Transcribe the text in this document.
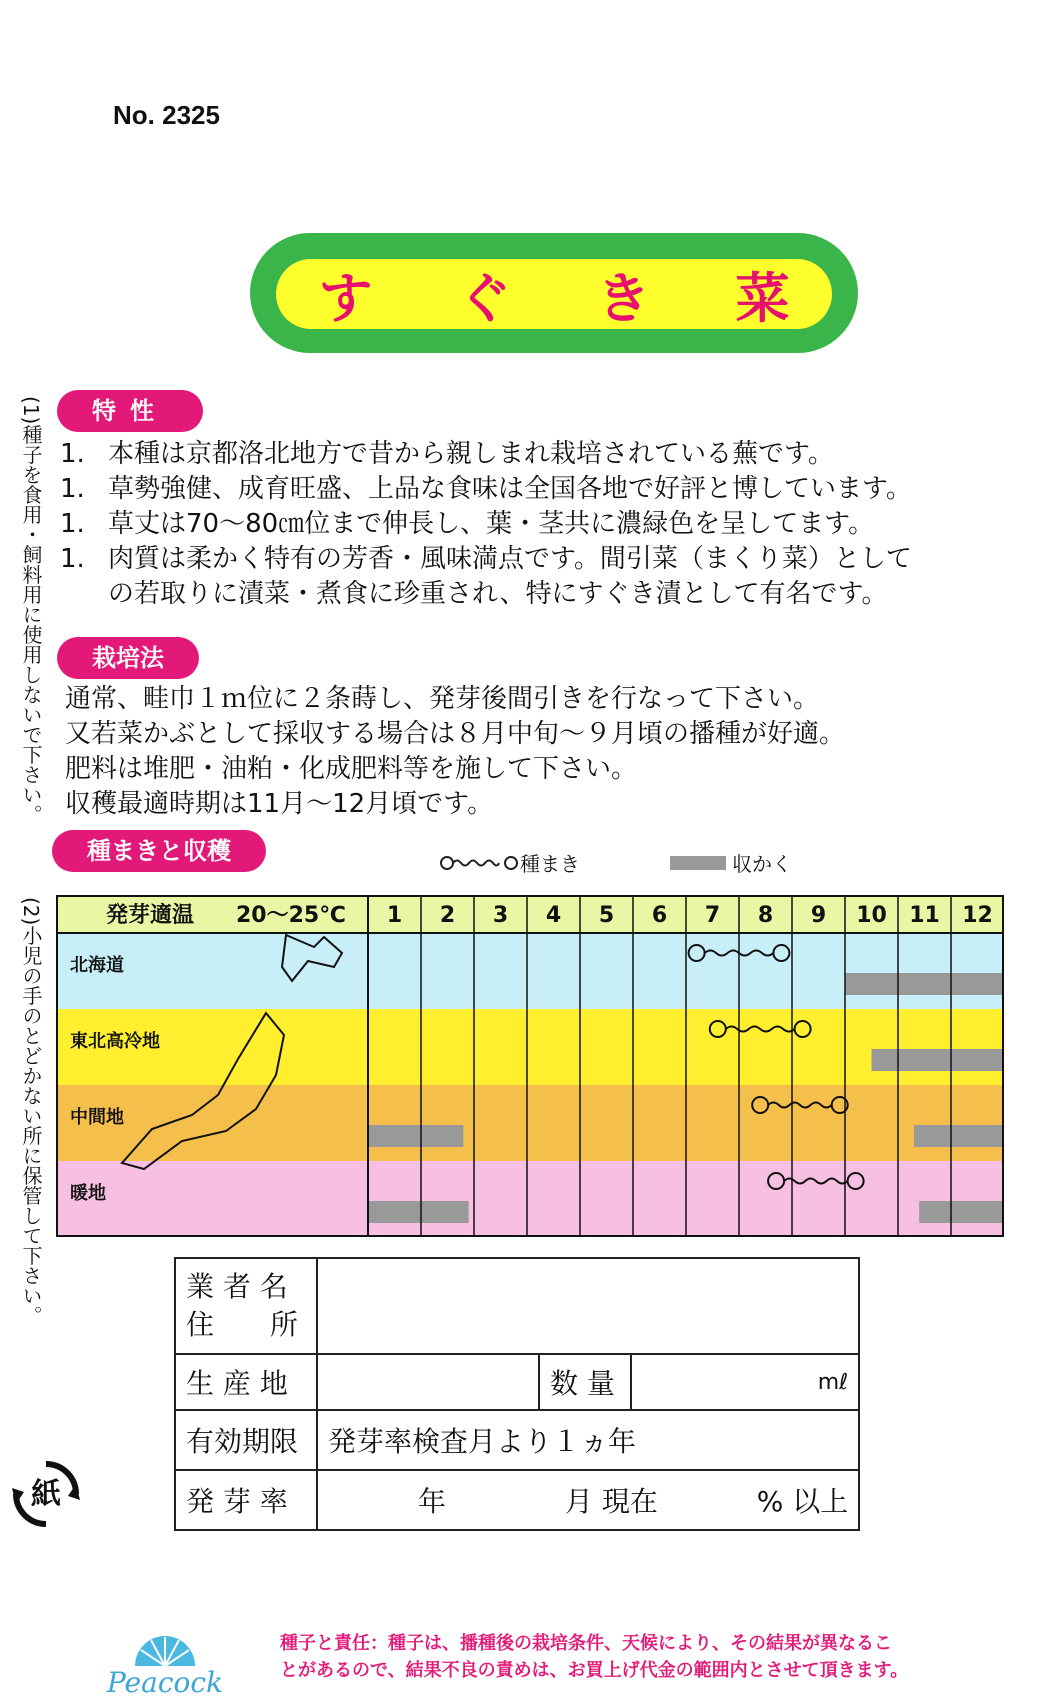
No. 2325
す ぐ き 菜
(1)種子を食用・飼料用に使用しないで下さい。
(2)小児の手のとどかない所に保管して下さい。
特性
1. 本種は京都洛北地方で昔から親しまれ栽培されている蕪です。
1. 草勢強健、成育旺盛、上品な食味は全国各地で好評と博しています。
1. 草丈は70～80㎝位まで伸長し、葉・茎共に濃緑色を呈してます。
1. 肉質は柔かく特有の芳香・風味満点です。間引菜（まくり菜）として
の若取りに漬菜・煮食に珍重され、特にすぐき漬として有名です。
栽培法
通常、畦巾１ｍ位に２条蒔し、発芽後間引きを行なって下さい。
又若菜かぶとして採収する場合は８月中旬～９月頃の播種が好適。
肥料は堆肥・油粕・化成肥料等を施して下さい。
収穫最適時期は11月～12月頃です。
種まきと収穫	種まき	収かく
発芽適温 20～25℃ 1 2 3 4 5 6 7 8 9 10 11 12
北海道
東北高冷地
中間地
暖地
業 者 名
住　　所			

生 産 地		数 量	mℓ
有効期限	発芽率検査月より１ヵ年		
発 芽 率	年 月 現在 % 以上		
紙
Peacock
種子と責任：種子は、播種後の栽培条件、天候により、その結果が異なるこ
とがあるので、結果不良の責めは、お買上げ代金の範囲内とさせて頂きます。
